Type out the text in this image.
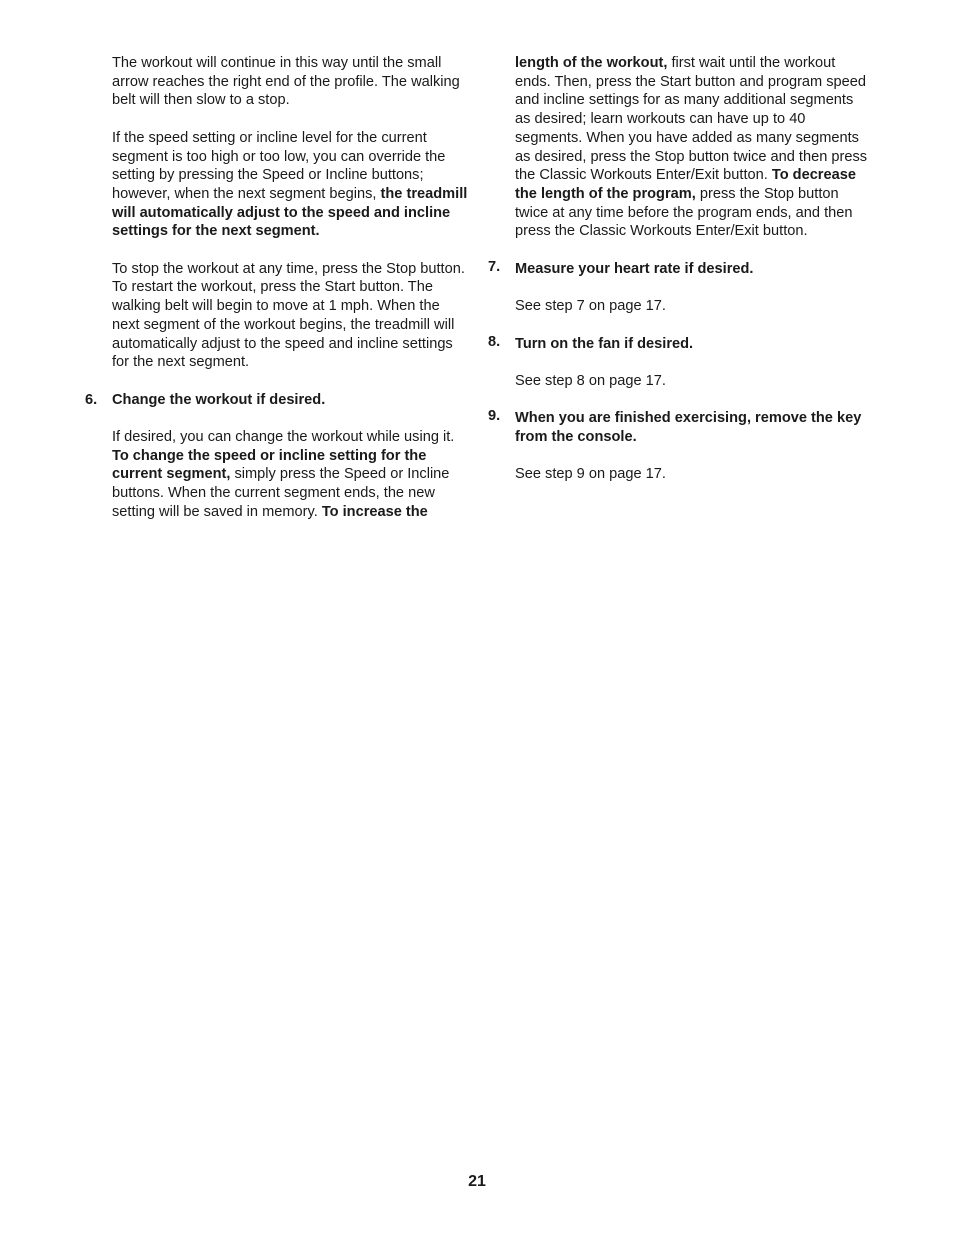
The workout will continue in this way until the small arrow reaches the right end of the profile. The walking belt will then slow to a stop.

If the speed setting or incline level for the current segment is too high or too low, you can override the setting by pressing the Speed or Incline buttons; however, when the next segment begins, the treadmill will automatically adjust to the speed and incline settings for the next segment.

To stop the workout at any time, press the Stop button. To restart the workout, press the Start button. The walking belt will begin to move at 1 mph. When the next segment of the workout begins, the treadmill will automatically adjust to the speed and incline settings for the next segment.

6. Change the workout if desired.

If desired, you can change the workout while using it. To change the speed or incline setting for the current segment, simply press the Speed or Incline buttons. When the current segment ends, the new setting will be saved in memory. To increase the

length of the workout, first wait until the workout ends. Then, press the Start button and program speed and incline settings for as many additional segments as desired; learn workouts can have up to 40 segments. When you have added as many segments as desired, press the Stop button twice and then press the Classic Workouts Enter/Exit button. To decrease the length of the program, press the Stop button twice at any time before the program ends, and then press the Classic Workouts Enter/Exit button.

7. Measure your heart rate if desired.

See step 7 on page 17.

8. Turn on the fan if desired.

See step 8 on page 17.

9. When you are finished exercising, remove the key from the console.

See step 9 on page 17.

21
